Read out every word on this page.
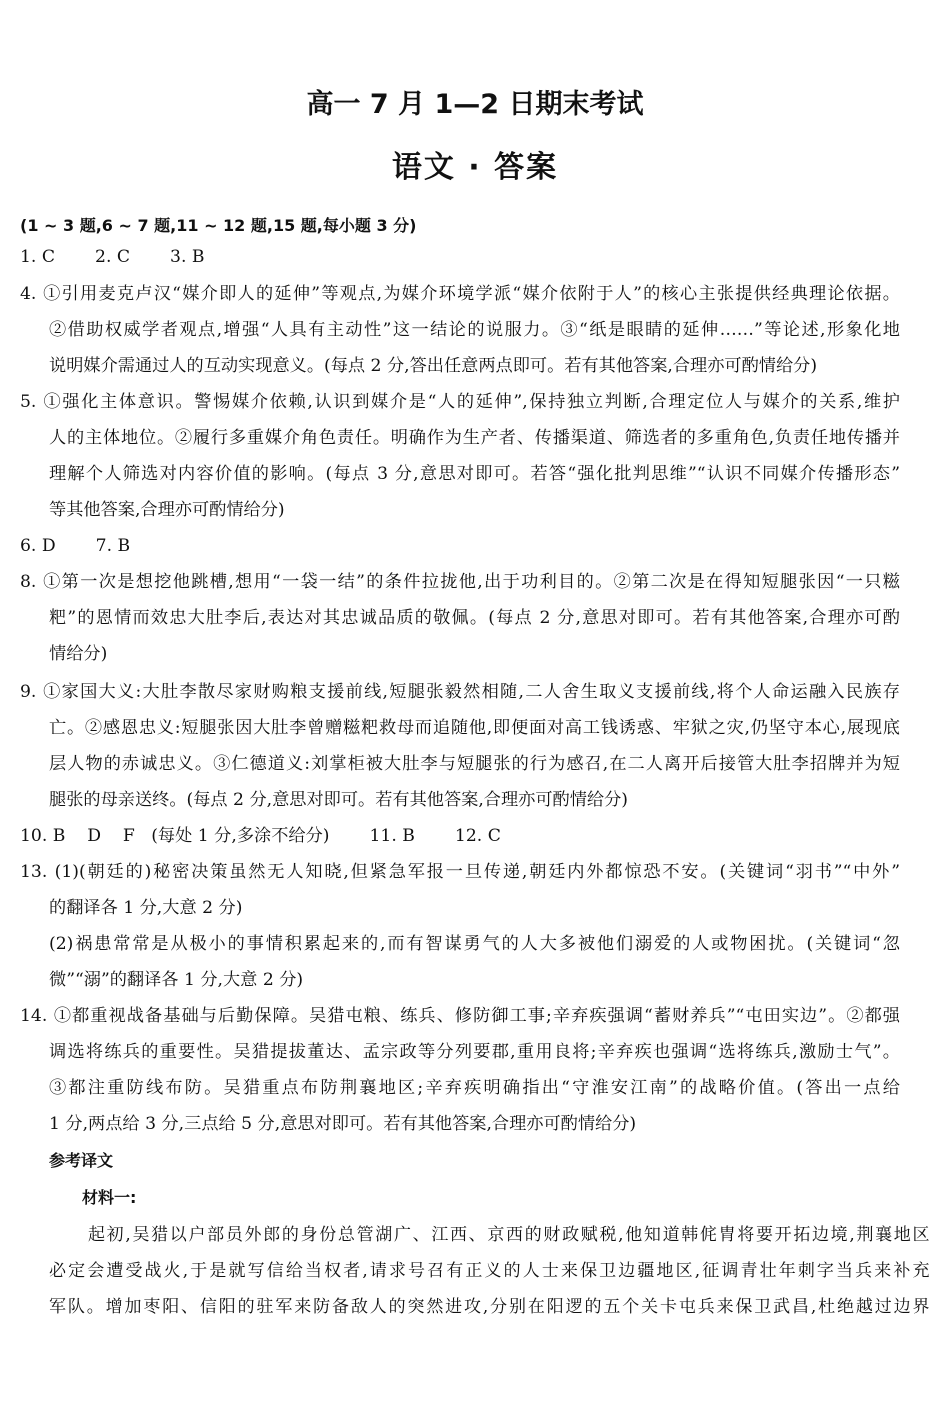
高一 7 月 1—2 日期末考试
语文 · 答案
(1 ~ 3 题,6 ~ 7 题,11 ~ 12 题,15 题,每小题 3 分)
1. C 2. C 3. B
4. ①引用麦克卢汉“媒介即人的延伸”等观点,为媒介环境学派“媒介依附于人”的核心主张提供经典理论依据。
②借助权威学者观点,增强“人具有主动性”这一结论的说服力。③“纸是眼睛的延伸……”等论述,形象化地
说明媒介需通过人的互动实现意义。(每点 2 分,答出任意两点即可。若有其他答案,合理亦可酌情给分)
5. ①强化主体意识。警惕媒介依赖,认识到媒介是“人的延伸”,保持独立判断,合理定位人与媒介的关系,维护
人的主体地位。②履行多重媒介角色责任。明确作为生产者、传播渠道、筛选者的多重角色,负责任地传播并
理解个人筛选对内容价值的影响。(每点 3 分,意思对即可。若答“强化批判思维”“认识不同媒介传播形态”
等其他答案,合理亦可酌情给分)
6. D 7. B
8. ①第一次是想挖他跳槽,想用“一袋一结”的条件拉拢他,出于功利目的。②第二次是在得知短腿张因“一只糍
粑”的恩情而效忠大肚李后,表达对其忠诚品质的敬佩。(每点 2 分,意思对即可。若有其他答案,合理亦可酌
情给分)
9. ①家国大义:大肚李散尽家财购粮支援前线,短腿张毅然相随,二人舍生取义支援前线,将个人命运融入民族存
亡。②感恩忠义:短腿张因大肚李曾赠糍粑救母而追随他,即便面对高工钱诱惑、牢狱之灾,仍坚守本心,展现底
层人物的赤诚忠义。③仁德道义:刘掌柜被大肚李与短腿张的行为感召,在二人离开后接管大肚李招牌并为短
腿张的母亲送终。(每点 2 分,意思对即可。若有其他答案,合理亦可酌情给分)
10. B    D    F   (每处 1 分,多涂不给分) 11. B 12. C
13. (1)(朝廷的)秘密决策虽然无人知晓,但紧急军报一旦传递,朝廷内外都惊恐不安。(关键词“羽书”“中外”
的翻译各 1 分,大意 2 分)
(2)祸患常常是从极小的事情积累起来的,而有智谋勇气的人大多被他们溺爱的人或物困扰。(关键词“忽
微”“溺”的翻译各 1 分,大意 2 分)
14. ①都重视战备基础与后勤保障。吴猎屯粮、练兵、修防御工事;辛弃疾强调“蓄财养兵”“屯田实边”。②都强
调选将练兵的重要性。吴猎提拔董达、孟宗政等分列要郡,重用良将;辛弃疾也强调“选将练兵,激励士气”。
③都注重防线布防。吴猎重点布防荆襄地区;辛弃疾明确指出“守淮安江南”的战略价值。(答出一点给
1 分,两点给 3 分,三点给 5 分,意思对即可。若有其他答案,合理亦可酌情给分)
参考译文
材料一:
起初,吴猎以户部员外郎的身份总管湖广、江西、京西的财政赋税,他知道韩侂胄将要开拓边境,荆襄地区
必定会遭受战火,于是就写信给当权者,请求号召有正义的人士来保卫边疆地区,征调青壮年刺字当兵来补充
军队。增加枣阳、信阳的驻军来防备敌人的突然进攻,分别在阳逻的五个关卡屯兵来保卫武昌,杜绝越过边界
